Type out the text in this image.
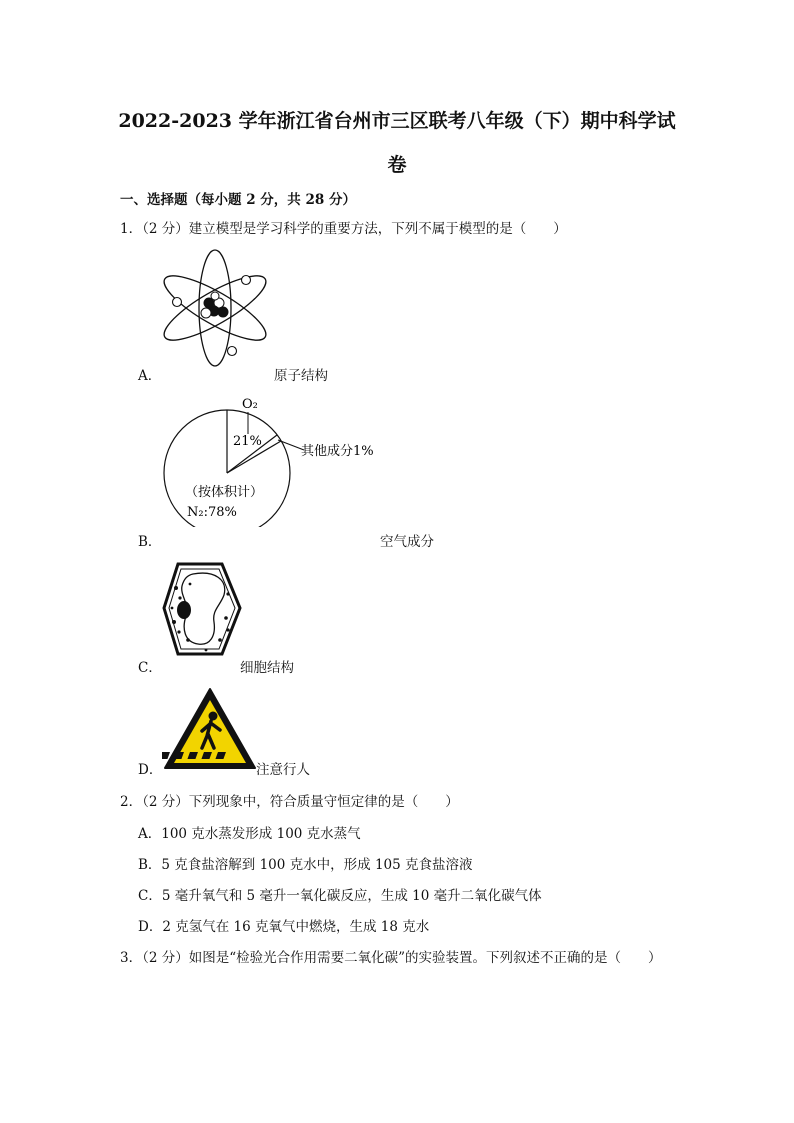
2022-2023 学年浙江省台州市三区联考八年级（下）期中科学试
卷
一、选择题（每小题 2 分，共 28 分）
1．（2 分）建立模型是学习科学的重要方法，下列不属于模型的是（　　）
A．	原子结构
O₂
21%
其他成分1%
（按体积计）
N₂:78%
B．	空气成分
C．	细胞结构
D．	注意行人
2．（2 分）下列现象中，符合质量守恒定律的是（　　）
A．100 克水蒸发形成 100 克水蒸气
B．5 克食盐溶解到 100 克水中，形成 105 克食盐溶液
C．5 毫升氧气和 5 毫升一氧化碳反应，生成 10 毫升二氧化碳气体
D．2 克氢气在 16 克氧气中燃烧，生成 18 克水
3．（2 分）如图是“检验光合作用需要二氧化碳”的实验装置。下列叙述不正确的是（　　）
